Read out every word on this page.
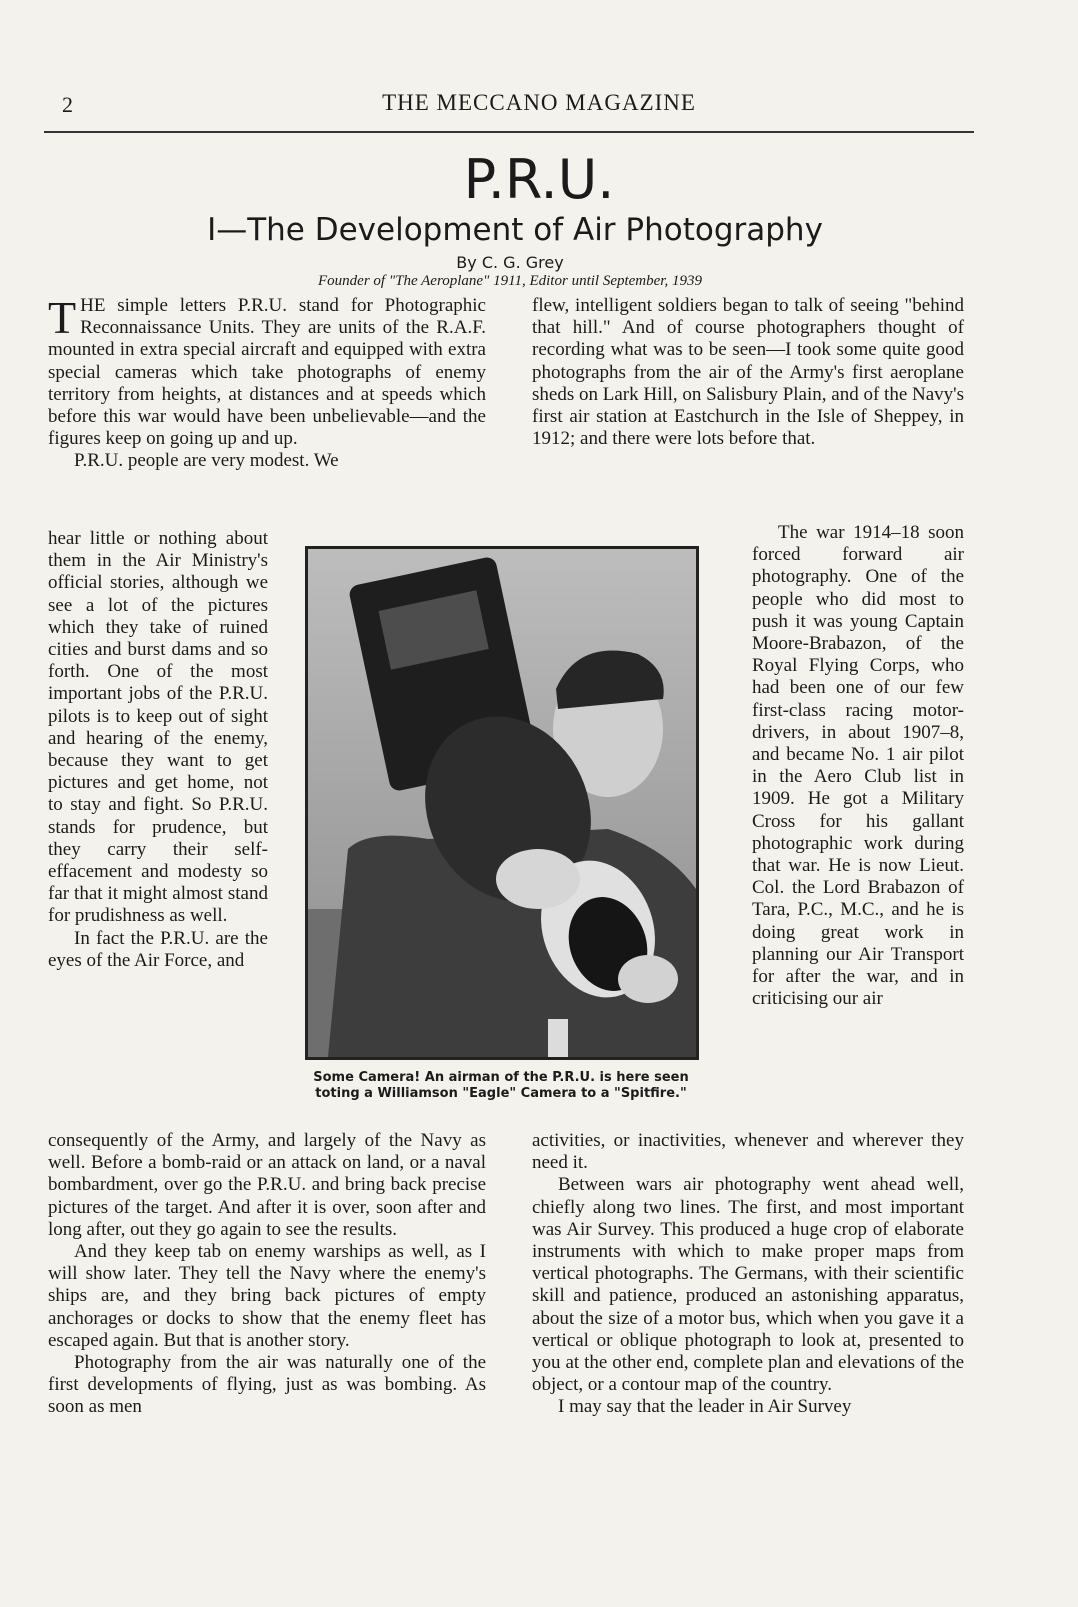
2	THE MECCANO MAGAZINE
P.R.U.
I—The Development of Air Photography
By C. G. Grey
Founder of "The Aeroplane" 1911, Editor until September, 1939

THE simple letters P.R.U. stand for Photographic Reconnaissance Units. They are units of the R.A.F. mounted in extra special aircraft and equipped with extra special cameras which take photographs of enemy territory from heights, at distances and at speeds which before this war would have been unbelievable—and the figures keep on going up and up.

P.R.U. people are very modest. We

flew, intelligent soldiers began to talk of seeing "behind that hill." And of course photographers thought of recording what was to be seen—I took some quite good photographs from the air of the Army's first aeroplane sheds on Lark Hill, on Salisbury Plain, and of the Navy's first air station at Eastchurch in the Isle of Sheppey, in 1912; and there were lots before that.

hear little or nothing about them in the Air Ministry's official stories, although we see a lot of the pictures which they take of ruined cities and burst dams and so forth. One of the most important jobs of the P.R.U. pilots is to keep out of sight and hearing of the enemy, because they want to get pictures and get home, not to stay and fight. So P.R.U. stands for prudence, but they carry their self-effacement and modesty so far that it might almost stand for prudishness as well.

In fact the P.R.U. are the eyes of the Air Force, and

The war 1914–18 soon forced forward air photography. One of the people who did most to push it was young Captain Moore-Brabazon, of the Royal Flying Corps, who had been one of our few first-class racing motor-drivers, in about 1907–8, and became No. 1 air pilot in the Aero Club list in 1909. He got a Military Cross for his gallant photographic work during that war. He is now Lieut. Col. the Lord Brabazon of Tara, P.C., M.C., and he is doing great work in planning our Air Transport for after the war, and in criticising our air

Some Camera! An airman of the P.R.U. is here seen toting a Williamson "Eagle" Camera to a "Spitfire."

consequently of the Army, and largely of the Navy as well. Before a bomb-raid or an attack on land, or a naval bombardment, over go the P.R.U. and bring back precise pictures of the target. And after it is over, soon after and long after, out they go again to see the results.

And they keep tab on enemy warships as well, as I will show later. They tell the Navy where the enemy's ships are, and they bring back pictures of empty anchorages or docks to show that the enemy fleet has escaped again. But that is another story.

Photography from the air was naturally one of the first developments of flying, just as was bombing. As soon as men

activities, or inactivities, whenever and wherever they need it.

Between wars air photography went ahead well, chiefly along two lines. The first, and most important was Air Survey. This produced a huge crop of elaborate instruments with which to make proper maps from vertical photographs. The Germans, with their scientific skill and patience, produced an astonishing apparatus, about the size of a motor bus, which when you gave it a vertical or oblique photograph to look at, presented to you at the other end, complete plan and elevations of the object, or a contour map of the country.

I may say that the leader in Air Survey
